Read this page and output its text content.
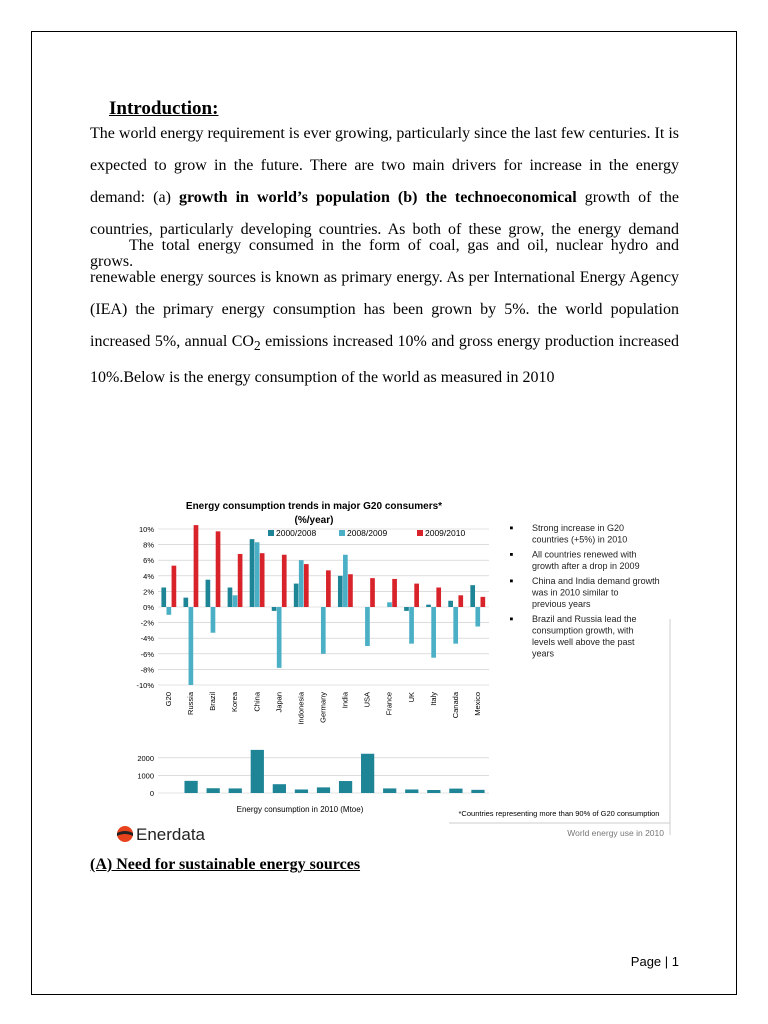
Introduction:
The world energy requirement is ever growing, particularly since the last few centuries. It is expected to grow in the future. There are two main drivers for increase in the energy demand: (a) growth in world’s population (b) the technoeconomical growth of the countries, particularly developing countries. As both of these grow, the energy demand grows.
The total energy consumed in the form of coal, gas and oil, nuclear hydro and renewable energy sources is known as primary energy. As per International Energy Agency (IEA) the primary energy consumption has been grown by 5%. the world population increased 5%, annual $CO_2$ emissions increased 10% and gross energy production increased 10%.Below is the energy consumption of the world as measured in 2010
Energy consumption trends in major G20 consumers*
(%/year)
2000/2008	2008/2009	2009/2010
10%
8%
6%
4%
2%
0%
-2%
-4%
-6%
-8%
-10%
G20 Russia Brazil Korea China Japan Indonesia Germany India USA France UK Italy Canada Mexico
2000
1000
0
Energy consumption in 2010 (Mtoe)
Strong increase in G20 countries (+5%) in 2010
All countries renewed with growth after a drop in 2009
China and India demand growth was in 2010 similar to previous years
Brazil and Russia lead the consumption growth, with levels well above the past years
*Countries representing more than 90% of G20 consumption
World energy use in 2010
Enerdata
(A) Need for sustainable energy sources
Page | 1
